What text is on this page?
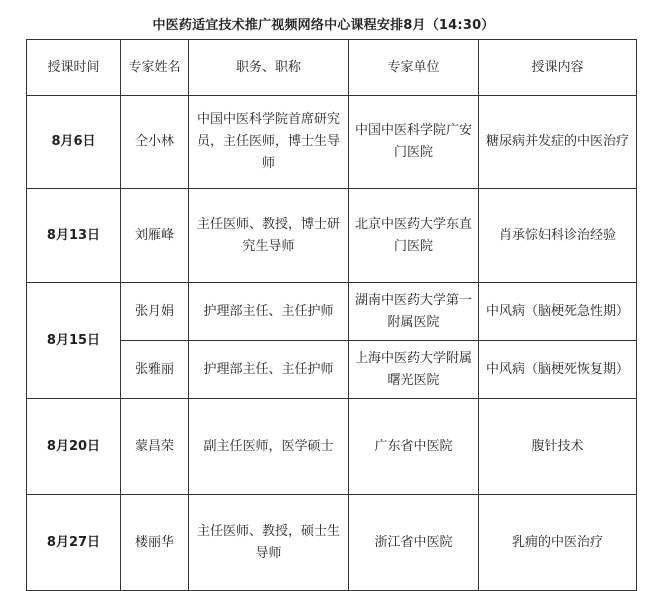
中医药适宜技术推广视频网络中心课程安排8月（14:30）
授课时间	专家姓名	职务、职称	专家单位	授课内容
8月6日	仝小林	中国中医科学院首席研究员，主任医师，博士生导师	中国中医科学院广安门医院	糖尿病并发症的中医治疗
8月13日	刘雁峰	主任医师、教授，博士研究生导师	北京中医药大学东直门医院	肖承悰妇科诊治经验
8月15日	张月娟	护理部主任、主任护师	湖南中医药大学第一附属医院	中风病（脑梗死急性期）
	张雅丽	护理部主任、主任护师	上海中医药大学附属曙光医院	中风病（脑梗死恢复期）
8月20日	蒙昌荣	副主任医师，医学硕士	广东省中医院	腹针技术
8月27日	楼丽华	主任医师、教授，硕士生导师	浙江省中医院	乳痈的中医治疗
